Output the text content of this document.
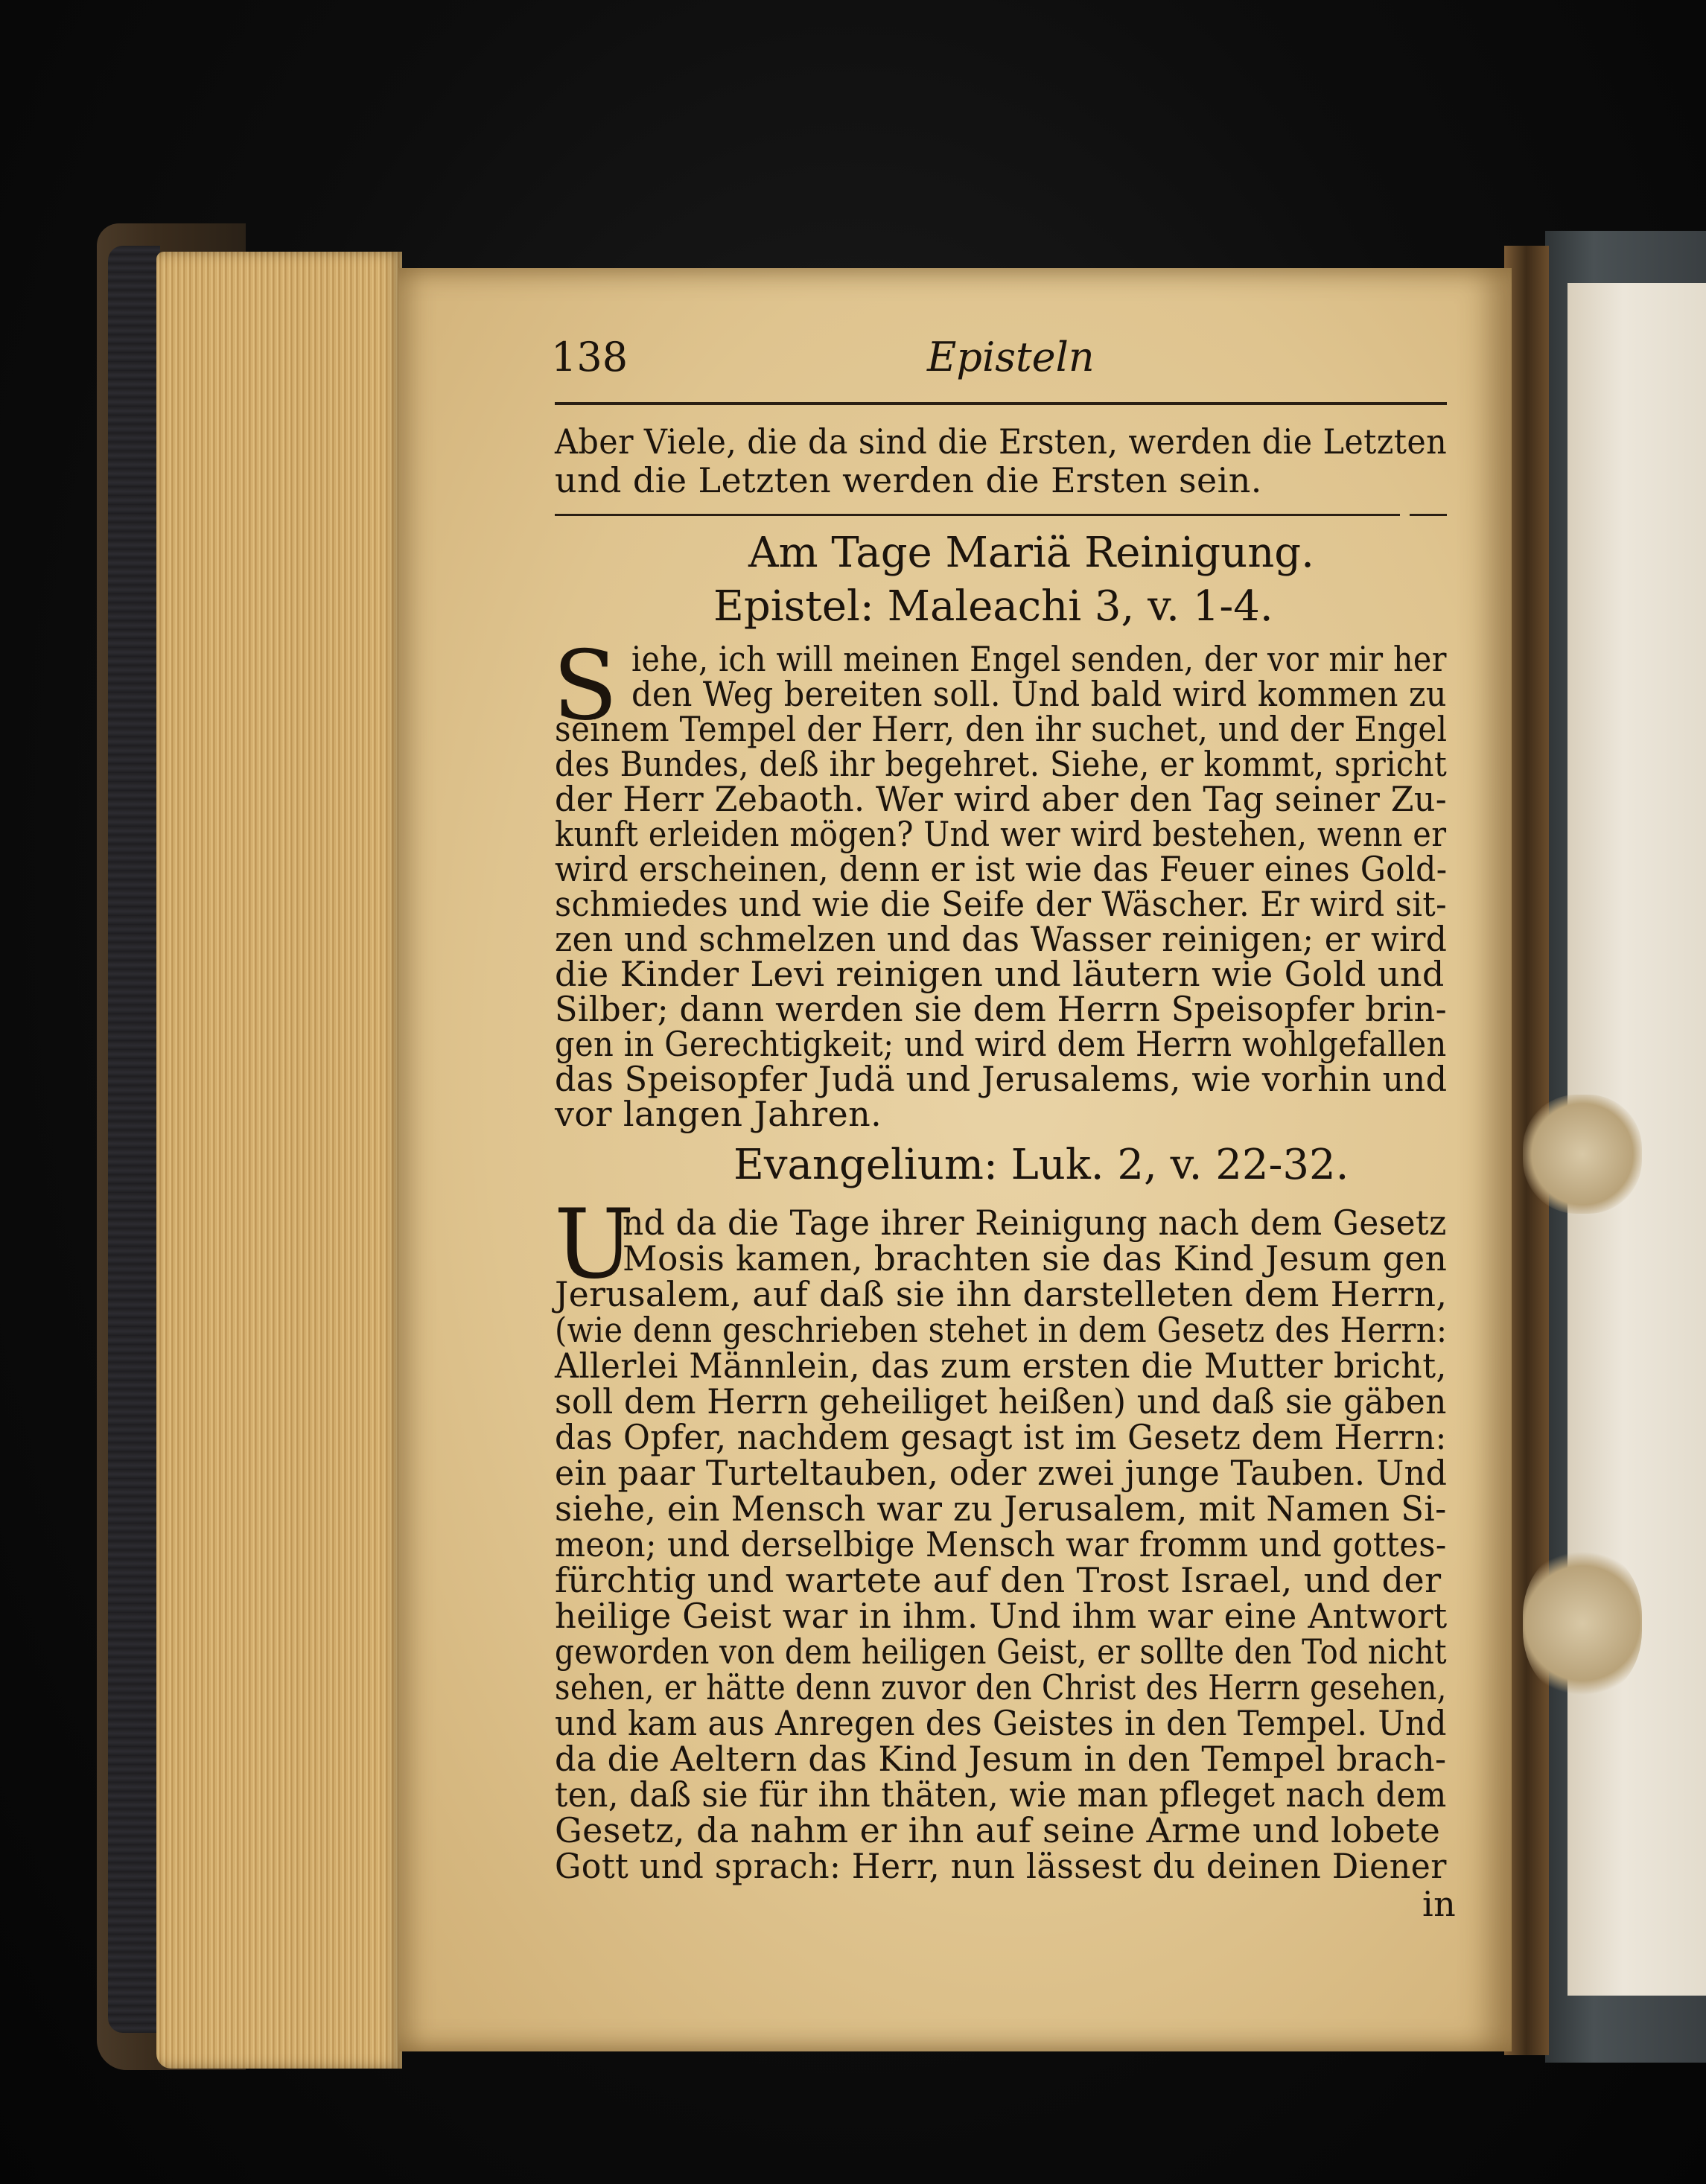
138	Episteln
Aber Viele, die da sind die Ersten, werden die Letzten
und die Letzten werden die Ersten sein.
Am Tage Mariä Reinigung.
Epistel: Maleachi 3, v. 1-4.
S iehe, ich will meinen Engel senden, der vor mir her
den Weg bereiten soll. Und bald wird kommen zu
seinem Tempel der Herr, den ihr suchet, und der Engel
des Bundes, deß ihr begehret. Siehe, er kommt, spricht
der Herr Zebaoth. Wer wird aber den Tag seiner Zu-
kunft erleiden mögen? Und wer wird bestehen, wenn er
wird erscheinen, denn er ist wie das Feuer eines Gold-
schmiedes und wie die Seife der Wäscher. Er wird sit-
zen und schmelzen und das Wasser reinigen; er wird
die Kinder Levi reinigen und läutern wie Gold und
Silber; dann werden sie dem Herrn Speisopfer brin-
gen in Gerechtigkeit; und wird dem Herrn wohlgefallen
das Speisopfer Judä und Jerusalems, wie vorhin und
vor langen Jahren.
Evangelium: Luk. 2, v. 22-32.
U
nd da die Tage ihrer Reinigung nach dem Gesetz
Mosis kamen, brachten sie das Kind Jesum gen
Jerusalem, auf daß sie ihn darstelleten dem Herrn,
(wie denn geschrieben stehet in dem Gesetz des Herrn:
Allerlei Männlein, das zum ersten die Mutter bricht,
soll dem Herrn geheiliget heißen) und daß sie gäben
das Opfer, nachdem gesagt ist im Gesetz dem Herrn:
ein paar Turteltauben, oder zwei junge Tauben. Und
siehe, ein Mensch war zu Jerusalem, mit Namen Si-
meon; und derselbige Mensch war fromm und gottes-
fürchtig und wartete auf den Trost Israel, und der
heilige Geist war in ihm. Und ihm war eine Antwort
geworden von dem heiligen Geist, er sollte den Tod nicht
sehen, er hätte denn zuvor den Christ des Herrn gesehen,
und kam aus Anregen des Geistes in den Tempel. Und
da die Aeltern das Kind Jesum in den Tempel brach-
ten, daß sie für ihn thäten, wie man pfleget nach dem
Gesetz, da nahm er ihn auf seine Arme und lobete
Gott und sprach: Herr, nun lässest du deinen Diener
in
